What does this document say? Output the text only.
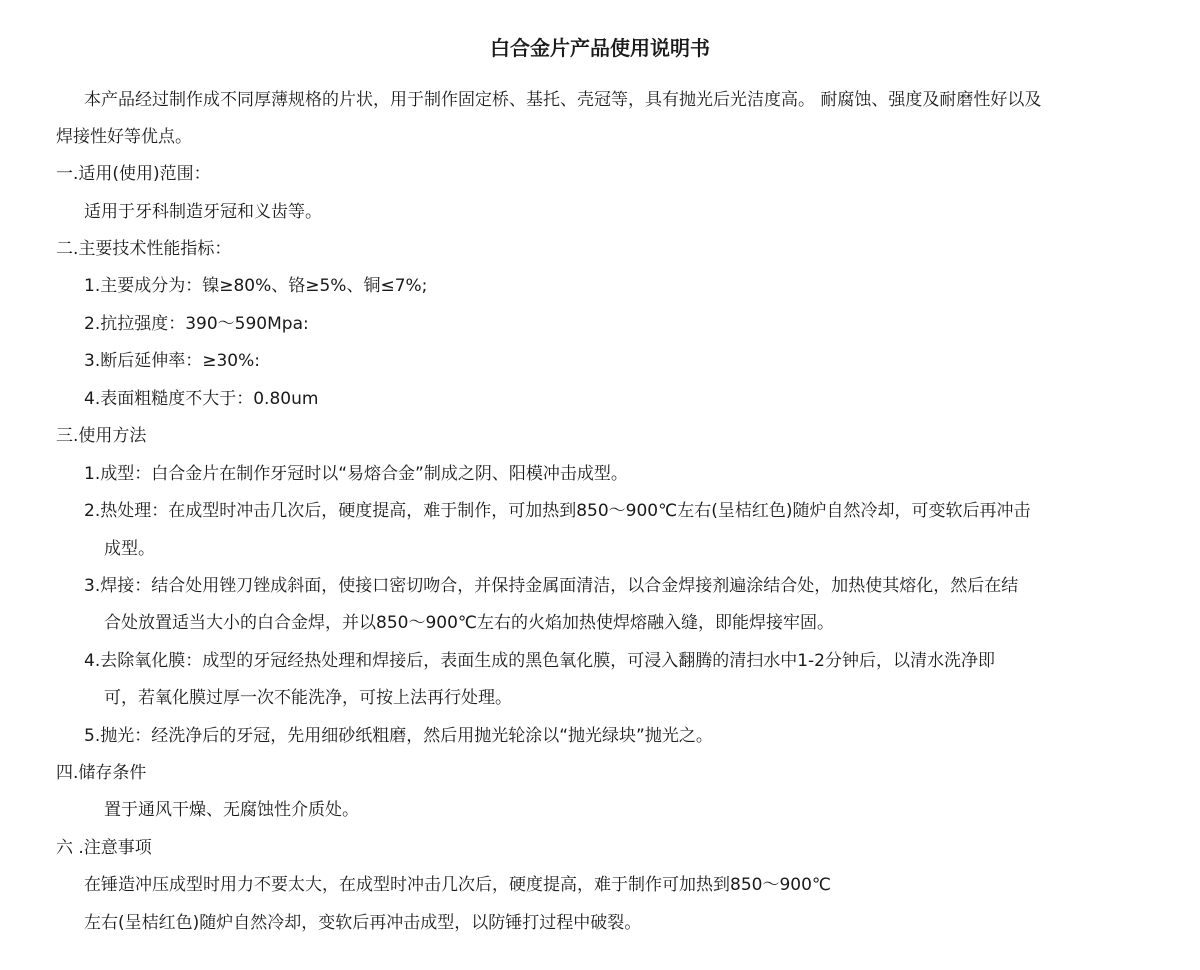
白合金片产品使用说明书
本产品经过制作成不同厚薄规格的片状，用于制作固定桥、基托、壳冠等，具有抛光后光洁度高。 耐腐蚀、强度及耐磨性好以及
焊接性好等优点。
一.适用(使用)范围：
适用于牙科制造牙冠和义齿等。
二.主要技术性能指标：
1.主要成分为：镍≥80%、铬≥5%、铜≤7%;
2.抗拉强度：390～590Mpa:
3.断后延伸率：≥30%:
4.表面粗糙度不大于：0.80um
三.使用方法
1.成型：白合金片在制作牙冠时以“易熔合金”制成之阴、阳模冲击成型。
2.热处理：在成型时冲击几次后，硬度提高，难于制作，可加热到850～900℃左右(呈桔红色)随炉自然冷却，可变软后再冲击
成型。
3.焊接：结合处用锉刀锉成斜面，使接口密切吻合，并保持金属面清洁，以合金焊接剂遍涂结合处，加热使其熔化，然后在结
合处放置适当大小的白合金焊，并以850～900℃左右的火焰加热使焊熔融入缝，即能焊接牢固。
4.去除氧化膜：成型的牙冠经热处理和焊接后，表面生成的黑色氧化膜，可浸入翻腾的清扫水中1-2分钟后，以清水洗净即
可，若氧化膜过厚一次不能洗净，可按上法再行处理。
5.抛光：经洗净后的牙冠，先用细砂纸粗磨，然后用抛光轮涂以“抛光绿块”抛光之。
四.储存条件
置于通风干燥、无腐蚀性介质处。
六 .注意事项
在锤造冲压成型时用力不要太大，在成型时冲击几次后，硬度提高，难于制作可加热到850～900℃
左右(呈桔红色)随炉自然冷却，变软后再冲击成型，以防锤打过程中破裂。
